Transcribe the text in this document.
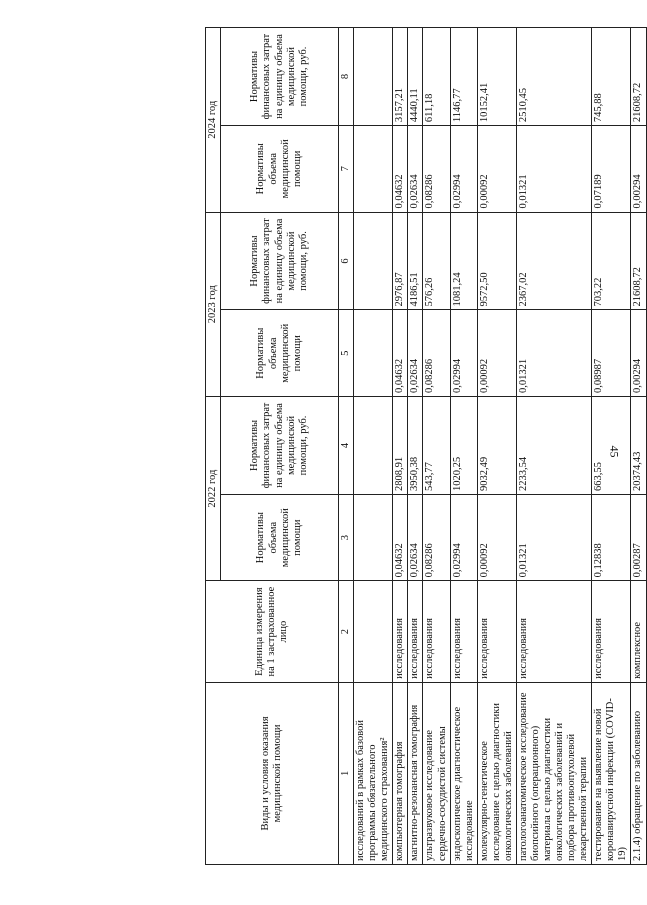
45
Виды и условия оказания медицинской помощи	Единица измерения на 1 застрахованное лицо	2022 год		2023 год		2024 год	
		Нормативы объема медицинской помощи	Нормативы финансовых затрат на единицу объема медицинской помощи, руб.	Нормативы объема медицинской помощи	Нормативы финансовых затрат на единицу объема медицинской помощи, руб.	Нормативы объема медицинской помощи	Нормативы финансовых затрат на единицу объема медицинской помощи, руб.
1	2	3	4	5	6	7	8
исследований в рамках базовой программы обязательного медицинского страхования²							
компьютерная томография	исследования	0,04632	2808,91	0,04632	2976,87	0,04632	3157,21
магнитно-резонансная томография	исследования	0,02634	3950,38	0,02634	4186,51	0,02634	4440,11
ультразвуковое исследование сердечно-сосудистой системы	исследования	0,08286	543,77	0,08286	576,26	0,08286	611,18
эндоскопическое диагностическое исследование	исследования	0,02994	1020,25	0,02994	1081,24	0,02994	1146,77
молекулярно-генетическое исследование с целью диагностики онкологических заболеваний	исследования	0,00092	9032,49	0,00092	9572,50	0,00092	10152,41
патологоанатомическое исследование биопсийного (операционного) материала с целью диагностики онкологических заболеваний и подбора противоопухолевой лекарственной терапии	исследования	0,01321	2233,54	0,01321	2367,02	0,01321	2510,45
тестирование на выявление новой коронавирусной инфекции (COVID-19)	исследования	0,12838	663,55	0,08987	703,22	0,07189	745,88
2.1.4) обращение по заболеванию	комплексное	0,00287	20374,43	0,00294	21608,72	0,00294	21608,72
